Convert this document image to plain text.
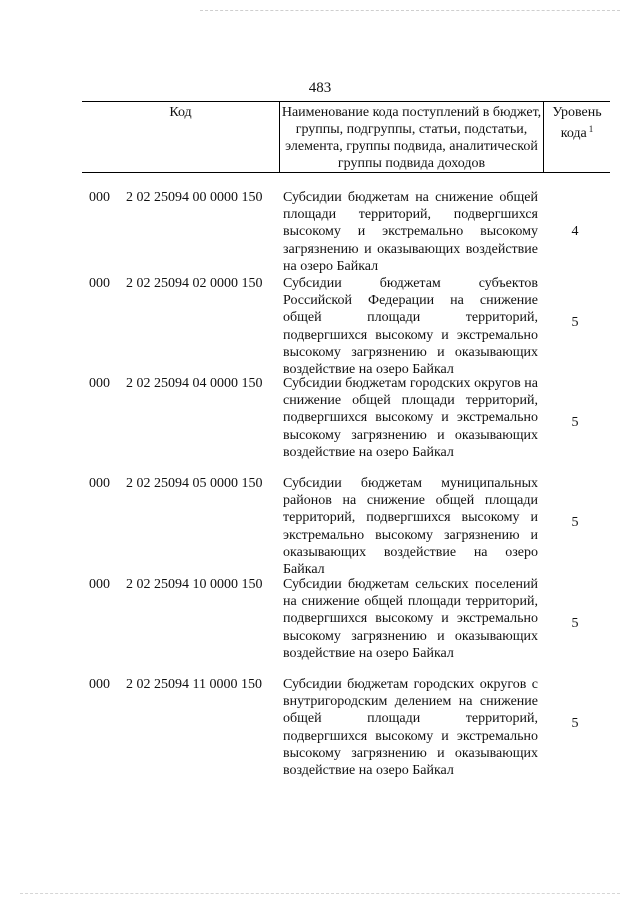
483
Код	Наименование кода поступлений в бюджет, группы, подгруппы, статьи, подстатьи, элемента, группы подвида, аналитической группы подвида доходов
Уровень кода $^1$
000 2 02 25094 00 0000 150 Субсидии бюджетам на снижение общей площади территорий, подвергшихся высокому и экстремально высокому загрязнению и оказывающих воздействие на озеро Байкал
4
000 2 02 25094 02 0000 150 Субсидии бюджетам субъектов Российской Федерации на снижение общей площади территорий, подвергшихся высокому и экстремально высокому загрязнению и оказывающих воздействие на озеро Байкал
5
000 2 02 25094 04 0000 150 Субсидии бюджетам городских округов на снижение общей площади территорий, подвергшихся высокому и экстремально высокому загрязнению и оказывающих воздействие на озеро Байкал
5
000 2 02 25094 05 0000 150 Субсидии бюджетам муниципальных районов на снижение общей площади территорий, подвергшихся высокому и экстремально высокому загрязнению и оказывающих воздействие на озеро Байкал
5
000 2 02 25094 10 0000 150 Субсидии бюджетам сельских поселений на снижение общей площади территорий, подвергшихся высокому и экстремально высокому загрязнению и оказывающих воздействие на озеро Байкал
5
000 2 02 25094 11 0000 150 Субсидии бюджетам городских округов с внутригородским делением на снижение общей площади территорий, подвергшихся высокому и экстремально высокому загрязнению и оказывающих воздействие на озеро Байкал
5
